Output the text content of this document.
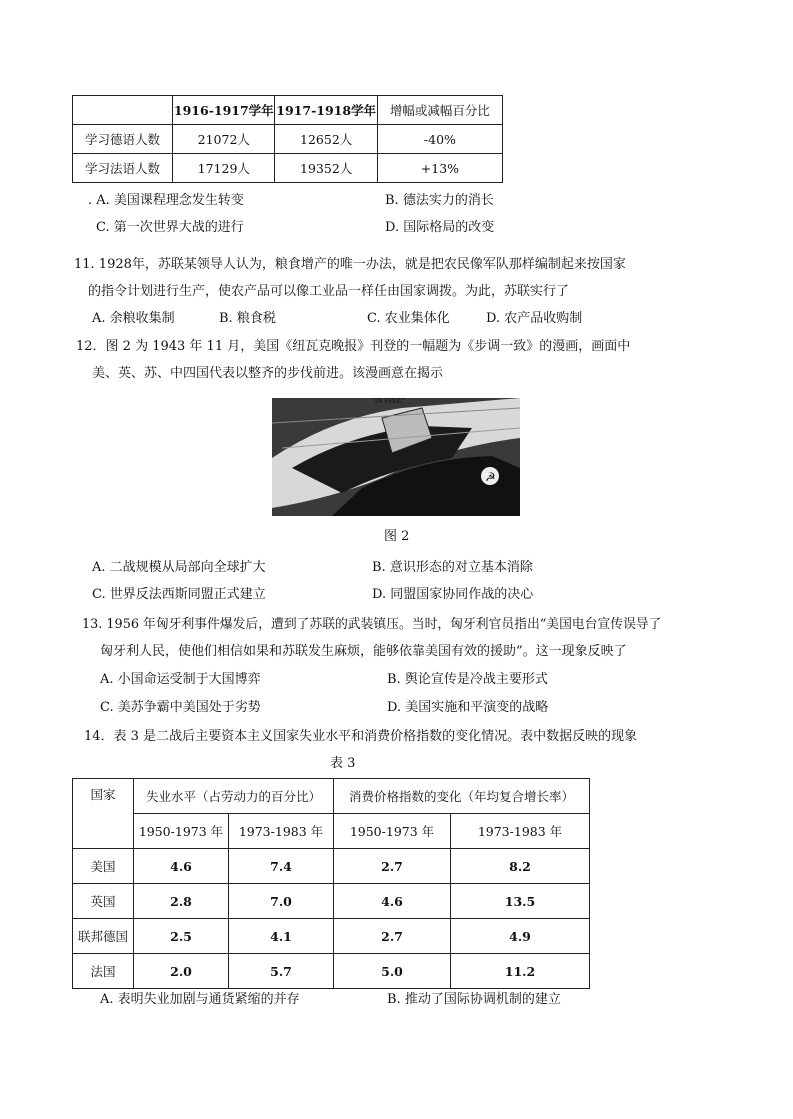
	1916-1917学年	1917-1918学年	增幅或减幅百分比
学习德语人数	21072人	12652人	-40%
学习法语人数	17129人	19352人	+13%
. A. 美国课程理念发生转变	B. 德法实力的消长
C. 第一次世界大战的进行	D. 国际格局的改变
11. 1928年，苏联某领导人认为，粮食增产的唯一办法，就是把农民像军队那样编制起来按国家
的指令计划进行生产，使农产品可以像工业品一样任由国家调拨。为此，苏联实行了
A. 余粮收集制	B. 粮食税	C. 农业集体化	D. 农产品收购制
12．图 2 为 1943 年 11 月，美国《纽瓦克晚报》刊登的一幅题为《步调一致》的漫画，画面中
美、英、苏、中四国代表以整齐的步伐前进。该漫画意在揭示
☭
"IN STEP!"
图 2
A. 二战规模从局部向全球扩大	B. 意识形态的对立基本消除
C. 世界反法西斯同盟正式建立	D. 同盟国家协同作战的决心
13. 1956 年匈牙利事件爆发后，遭到了苏联的武装镇压。当时，匈牙利官员指出“美国电台宣传误导了
匈牙利人民，使他们相信如果和苏联发生麻烦，能够依靠美国有效的援助”。这一现象反映了
A. 小国命运受制于大国博弈	B. 舆论宣传是冷战主要形式
C. 美苏争霸中美国处于劣势	D. 美国实施和平演变的战略
14．表 3 是二战后主要资本主义国家失业水平和消费价格指数的变化情况。表中数据反映的现象
表 3
国家	失业水平（占劳动力的百分比）		消费价格指数的变化（年均复合增长率）	
	1950-1973 年	1973-1983 年	1950-1973 年	1973-1983 年
美国	4.6	7.4	2.7	8.2
英国	2.8	7.0	4.6	13.5
联邦德国	2.5	4.1	2.7	4.9
法国	2.0	5.7	5.0	11.2
A. 表明失业加剧与通货紧缩的并存	B. 推动了国际协调机制的建立
